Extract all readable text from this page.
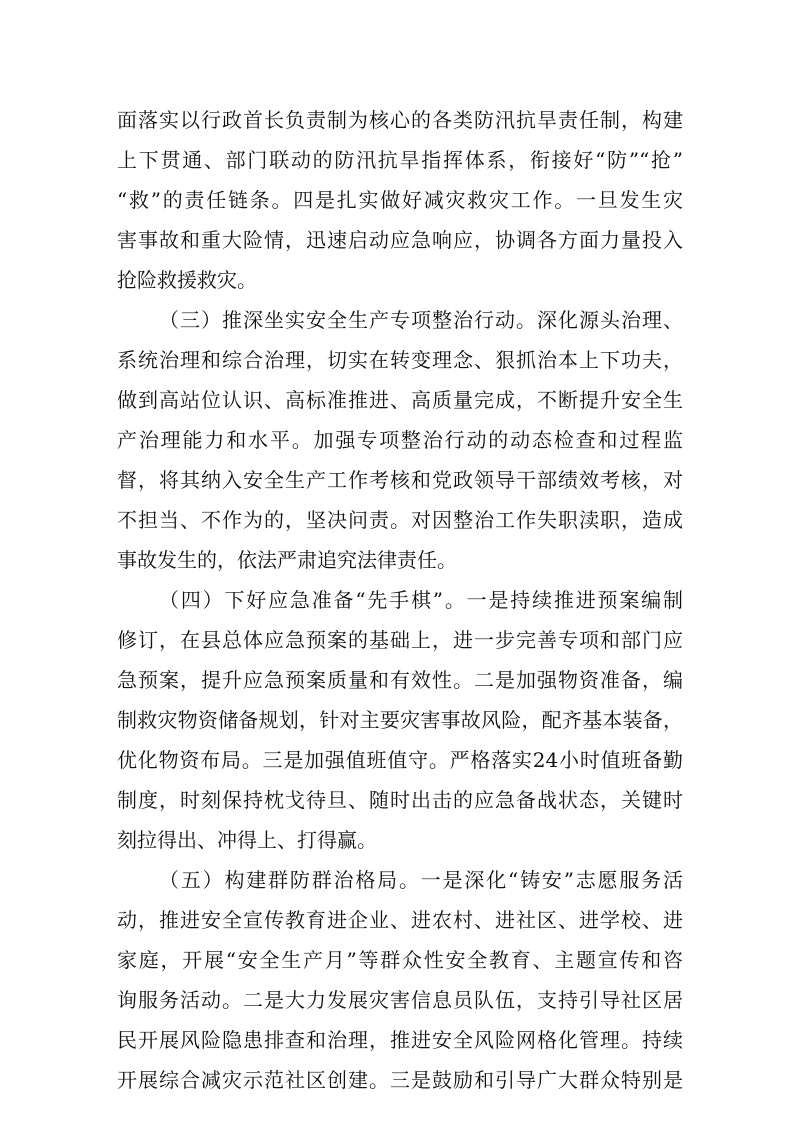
面落实以行政首长负责制为核心的各类防汛抗旱责任制，构建
上下贯通、部门联动的防汛抗旱指挥体系，衔接好“防”“抢”
“救”的责任链条。四是扎实做好减灾救灾工作。一旦发生灾
害事故和重大险情，迅速启动应急响应，协调各方面力量投入
抢险救援救灾。
（三）推深坐实安全生产专项整治行动。深化源头治理、
系统治理和综合治理，切实在转变理念、狠抓治本上下功夫，
做到高站位认识、高标准推进、高质量完成，不断提升安全生
产治理能力和水平。加强专项整治行动的动态检查和过程监
督，将其纳入安全生产工作考核和党政领导干部绩效考核，对
不担当、不作为的，坚决问责。对因整治工作失职渎职，造成
事故发生的，依法严肃追究法律责任。
（四）下好应急准备“先手棋”。一是持续推进预案编制
修订，在县总体应急预案的基础上，进一步完善专项和部门应
急预案，提升应急预案质量和有效性。二是加强物资准备，编
制救灾物资储备规划，针对主要灾害事故风险，配齐基本装备，
优化物资布局。三是加强值班值守。严格落实24小时值班备勤
制度，时刻保持枕戈待旦、随时出击的应急备战状态，关键时
刻拉得出、冲得上、打得赢。
（五）构建群防群治格局。一是深化“铸安”志愿服务活
动，推进安全宣传教育进企业、进农村、进社区、进学校、进
家庭，开展“安全生产月”等群众性安全教育、主题宣传和咨
询服务活动。二是大力发展灾害信息员队伍，支持引导社区居
民开展风险隐患排查和治理，推进安全风险网格化管理。持续
开展综合减灾示范社区创建。三是鼓励和引导广大群众特别是
